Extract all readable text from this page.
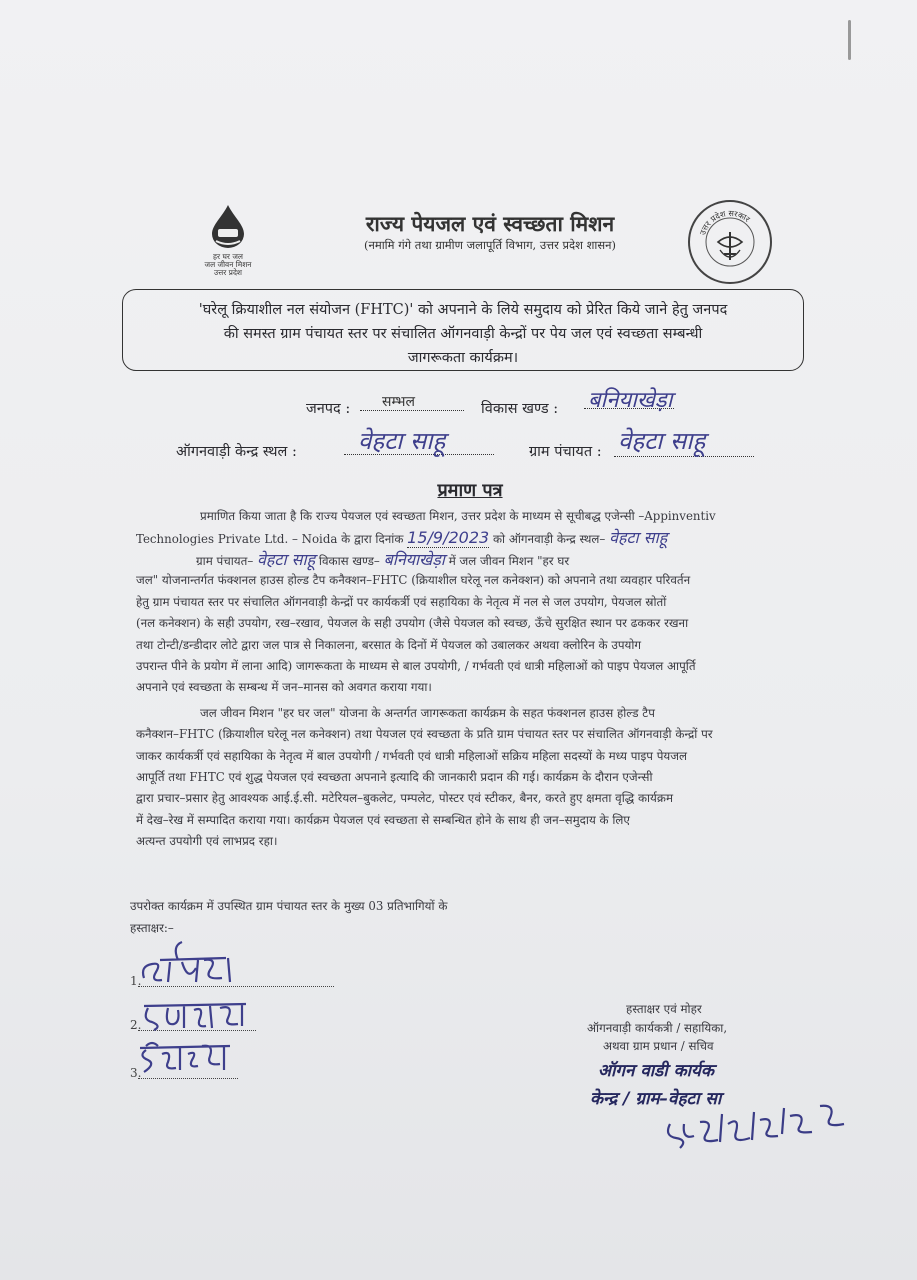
हर घर जल
जल जीवन मिशन
उत्तर प्रदेश
राज्य पेयजल एवं स्वच्छता मिशन
(नमामि गंगे तथा ग्रामीण जलापूर्ति विभाग, उत्तर प्रदेश शासन)
उत्तर प्रदेश सरकार
'घरेलू क्रियाशील नल संयोजन (FHTC)' को अपनाने के लिये समुदाय को प्रेरित किये जाने हेतु जनपद
की समस्त ग्राम पंचायत स्तर पर संचालित ऑगनवाड़ी केन्द्रों पर पेय जल एवं स्वच्छता सम्बन्धी
जागरूकता कार्यक्रम।
जनपद : सम्भल	विकास खण्ड : बनियाखेड़ा
ऑगनवाड़ी केन्द्र स्थल :	वेहटा साहू	ग्राम पंचायत : वेहटा साहू
प्रमाण पत्र
प्रमाणित किया जाता है कि राज्य पेयजल एवं स्वच्छता मिशन, उत्तर प्रदेश के माध्यम से सूचीबद्ध एजेन्सी –Appinventiv
Technologies Private Ltd. – Noida के द्वारा दिनांक 15/9/2023 को ऑगनवाड़ी केन्द्र स्थल– वेहटा साहू
ग्राम पंचायत– वेहटा साहू विकास खण्ड– बनियाखेड़ा में जल जीवन मिशन "हर घर
जल" योजनान्तर्गत फंक्शनल हाउस होल्ड टैप कनैक्शन–FHTC (क्रियाशील घरेलू नल कनेक्शन) को अपनाने तथा व्यवहार परिवर्तन
हेतु ग्राम पंचायत स्तर पर संचालित ऑगनवाड़ी केन्द्रों पर कार्यकर्त्री एवं सहायिका के नेतृत्व में नल से जल उपयोग, पेयजल स्रोतों
(नल कनेक्शन) के सही उपयोग, रख–रखाव, पेयजल के सही उपयोग (जैसे पेयजल को स्वच्छ, ऊँचे सुरक्षित स्थान पर ढककर रखना
तथा टोन्टी/डन्डीदार लोटे द्वारा जल पात्र से निकालना, बरसात के दिनों में पेयजल को उबालकर अथवा क्लोरिन के उपयोग
उपरान्त पीने के प्रयोग में लाना आदि) जागरूकता के माध्यम से बाल उपयोगी, / गर्भवती एवं धात्री महिलाओं को पाइप पेयजल आपूर्ति
अपनाने एवं स्वच्छता के सम्बन्ध में जन–मानस को अवगत कराया गया।
जल जीवन मिशन "हर घर जल" योजना के अन्तर्गत जागरूकता कार्यक्रम के सहत फंक्शनल हाउस होल्ड टैप
कनैक्शन–FHTC (क्रियाशील घरेलू नल कनेक्शन) तथा पेयजल एवं स्वच्छता के प्रति ग्राम पंचायत स्तर पर संचालित ऑगनवाड़ी केन्द्रों पर
जाकर कार्यकर्त्री एवं सहायिका के नेतृत्व में बाल उपयोगी / गर्भवती एवं धात्री महिलाओं सक्रिय महिला सदस्यों के मध्य पाइप पेयजल
आपूर्ति तथा FHTC एवं शुद्ध पेयजल एवं स्वच्छता अपनाने इत्यादि की जानकारी प्रदान की गई। कार्यक्रम के दौरान एजेन्सी
द्वारा प्रचार–प्रसार हेतु आवश्यक आई.ई.सी. मटेरियल–बुकलेट, पम्पलेट, पोस्टर एवं स्टीकर, बैनर, करते हुए क्षमता वृद्धि कार्यक्रम
में देख–रेख में सम्पादित कराया गया। कार्यक्रम पेयजल एवं स्वच्छता से सम्बन्धित होने के साथ ही जन–समुदाय के लिए
अत्यन्त उपयोगी एवं लाभप्रद रहा।
उपरोक्त कार्यक्रम में उपस्थित ग्राम पंचायत स्तर के मुख्य 03 प्रतिभागियों के
हस्ताक्षर:–
1.
2.
3.
हस्ताक्षर एवं मोहर
ऑगनवाड़ी कार्यकत्री / सहायिका,
अथवा ग्राम प्रधान / सचिव
ऑगन वाडी कार्यक
केन्द्र / ग्राम–वेहटा सा
